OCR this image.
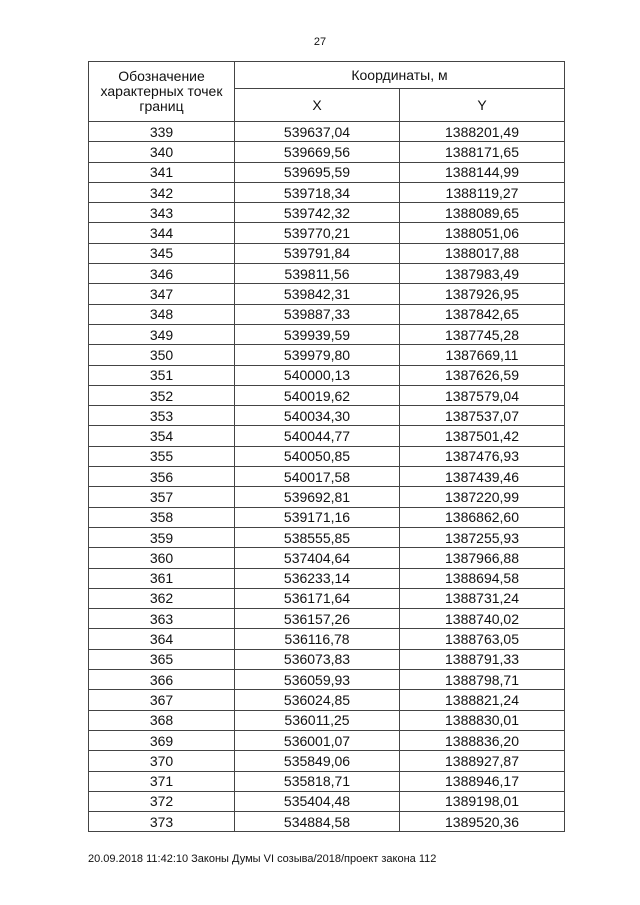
27
Обозначение характерных точек границ	Координаты, м	
	X	Y
339	539637,04	1388201,49
340	539669,56	1388171,65
341	539695,59	1388144,99
342	539718,34	1388119,27
343	539742,32	1388089,65
344	539770,21	1388051,06
345	539791,84	1388017,88
346	539811,56	1387983,49
347	539842,31	1387926,95
348	539887,33	1387842,65
349	539939,59	1387745,28
350	539979,80	1387669,11
351	540000,13	1387626,59
352	540019,62	1387579,04
353	540034,30	1387537,07
354	540044,77	1387501,42
355	540050,85	1387476,93
356	540017,58	1387439,46
357	539692,81	1387220,99
358	539171,16	1386862,60
359	538555,85	1387255,93
360	537404,64	1387966,88
361	536233,14	1388694,58
362	536171,64	1388731,24
363	536157,26	1388740,02
364	536116,78	1388763,05
365	536073,83	1388791,33
366	536059,93	1388798,71
367	536024,85	1388821,24
368	536011,25	1388830,01
369	536001,07	1388836,20
370	535849,06	1388927,87
371	535818,71	1388946,17
372	535404,48	1389198,01
373	534884,58	1389520,36
20.09.2018 11:42:10 Законы Думы VI созыва/2018/проект закона 112
